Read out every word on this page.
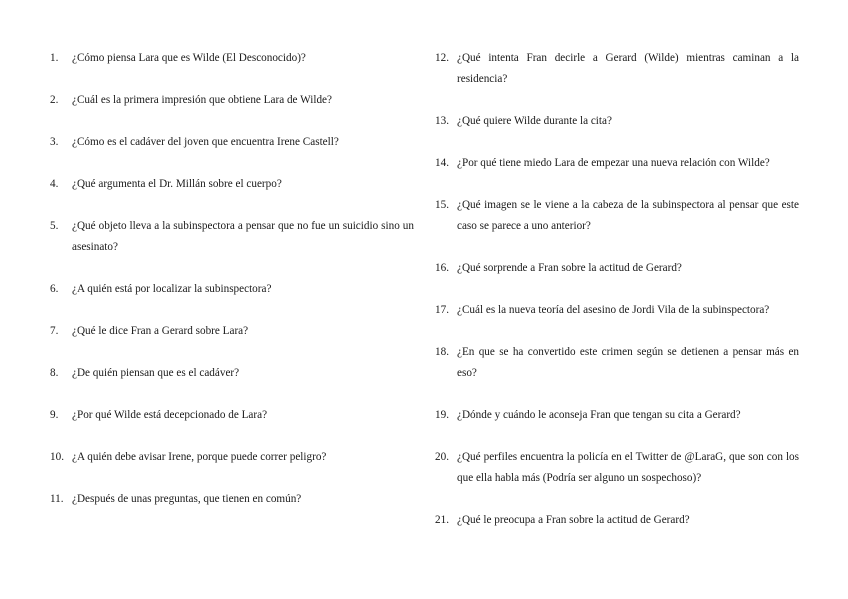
1.	¿Cómo piensa Lara que es Wilde (El Desconocido)?
2.	¿Cuál es la primera impresión que obtiene Lara de Wilde?
3.	¿Cómo es el cadáver del joven que encuentra Irene Castell?
4.	¿Qué argumenta el Dr. Millán sobre el cuerpo?
5.	¿Qué objeto lleva a la subinspectora a pensar que no fue un suicidio sino un asesinato?
6.	¿A quién está por localizar la subinspectora?
7.	¿Qué le dice Fran a Gerard sobre Lara?
8.	¿De quién piensan que es el cadáver?
9.	¿Por qué Wilde está decepcionado de Lara?
10. ¿A quién debe avisar Irene, porque puede correr peligro?
11. ¿Después de unas preguntas, que tienen en común?
12. ¿Qué intenta Fran decirle a Gerard (Wilde) mientras caminan a la residencia?
13. ¿Qué quiere Wilde durante la cita?
14. ¿Por qué tiene miedo Lara de empezar una nueva relación con Wilde?
15. ¿Qué imagen se le viene a la cabeza de la subinspectora al pensar que este caso se parece a uno anterior?
16. ¿Qué sorprende a Fran sobre la actitud de Gerard?
17. ¿Cuál es la nueva teoría del asesino de Jordi Vila de la subinspectora?
18. ¿En que se ha convertido este crimen según se detienen a pensar más en eso?
19. ¿Dónde y cuándo le aconseja Fran que tengan su cita a Gerard?
20. ¿Qué perfiles encuentra la policía en el Twitter de @LaraG, que son con los que ella habla más (Podría ser alguno un sospechoso)?
21. ¿Qué le preocupa a Fran sobre la actitud de Gerard?
